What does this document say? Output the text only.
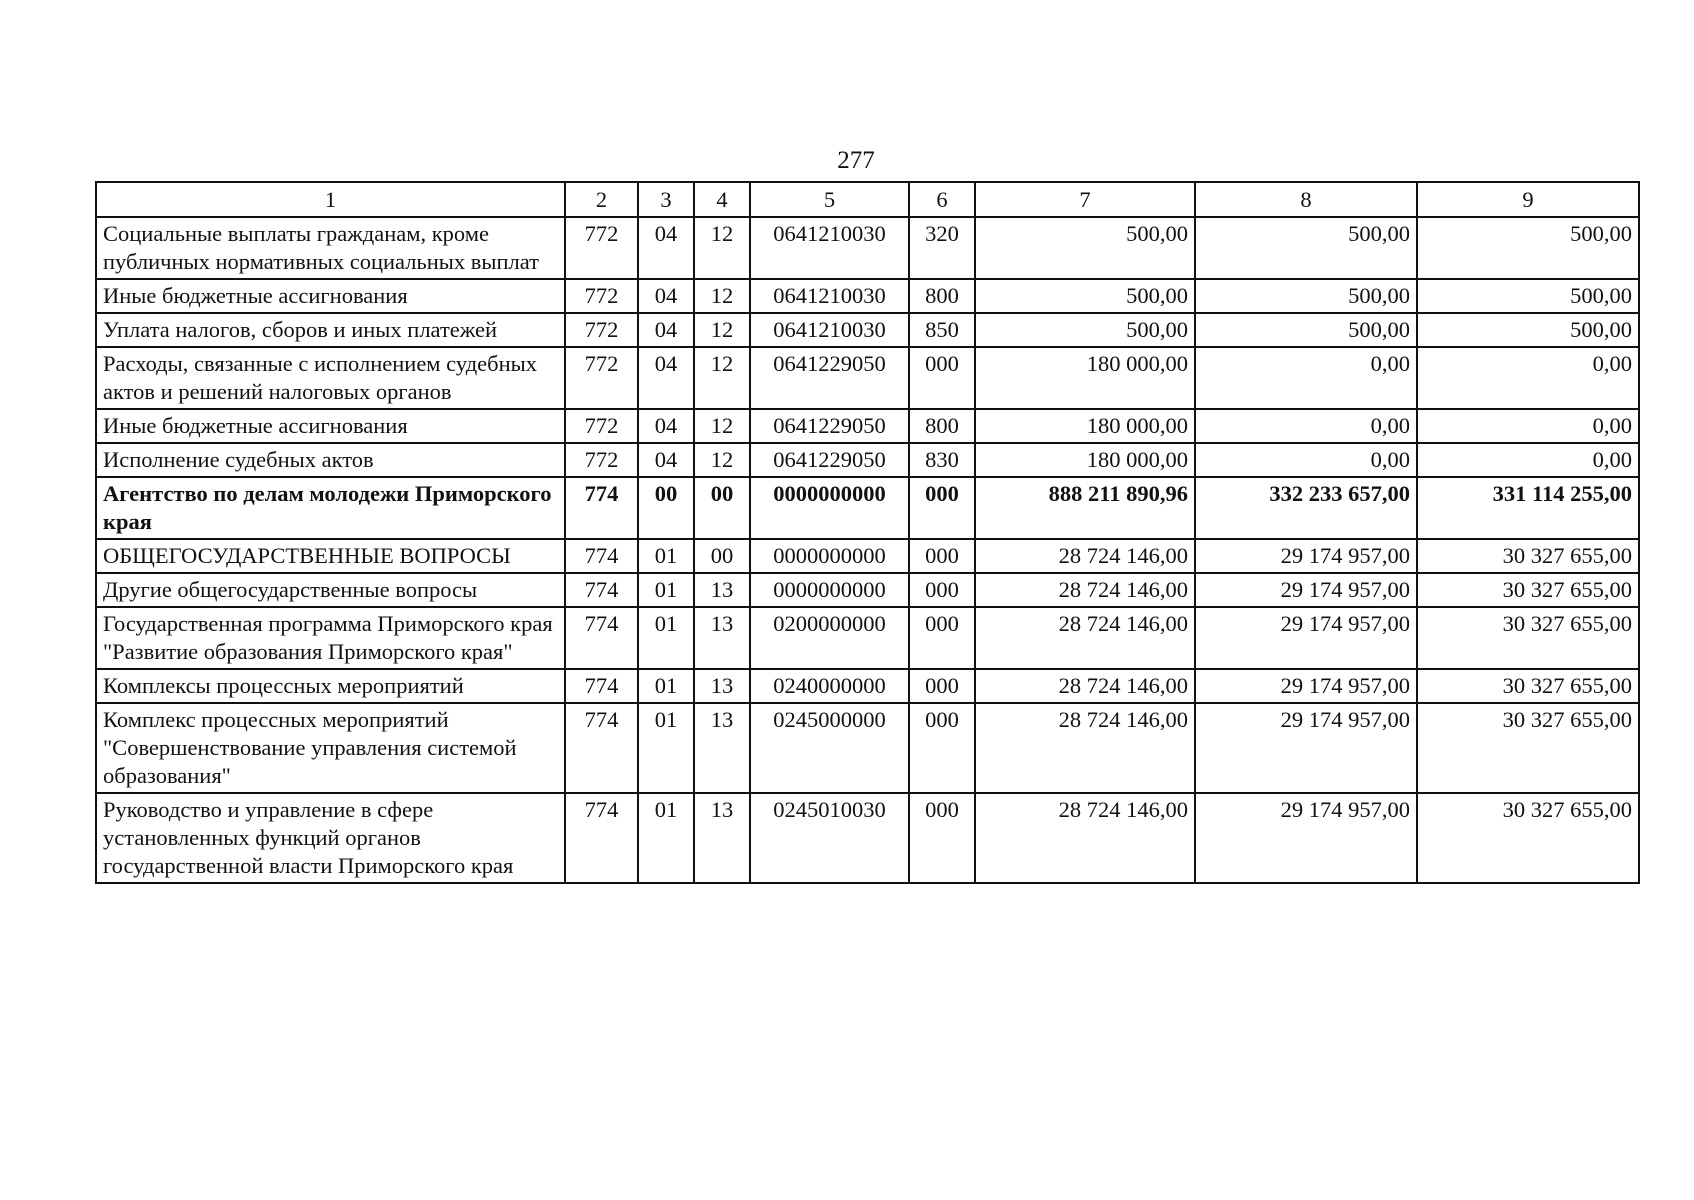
277
1	2	3	4	5	6	7	8	9
Социальные выплаты гражданам, кроме публичных нормативных социальных выплат	772	04	12	0641210030	320	500,00	500,00	500,00
Иные бюджетные ассигнования	772	04	12	0641210030	800	500,00	500,00	500,00
Уплата налогов, сборов и иных платежей	772	04	12	0641210030	850	500,00	500,00	500,00
Расходы, связанные с исполнением судебных актов и решений налоговых органов	772	04	12	0641229050	000	180 000,00	0,00	0,00
Иные бюджетные ассигнования	772	04	12	0641229050	800	180 000,00	0,00	0,00
Исполнение судебных актов	772	04	12	0641229050	830	180 000,00	0,00	0,00
Агентство по делам молодежи Приморского края	774	00	00	0000000000	000	888 211 890,96	332 233 657,00	331 114 255,00
ОБЩЕГОСУДАРСТВЕННЫЕ ВОПРОСЫ	774	01	00	0000000000	000	28 724 146,00	29 174 957,00	30 327 655,00
Другие общегосударственные вопросы	774	01	13	0000000000	000	28 724 146,00	29 174 957,00	30 327 655,00
Государственная программа Приморского края "Развитие образования Приморского края"	774	01	13	0200000000	000	28 724 146,00	29 174 957,00	30 327 655,00
Комплексы процессных мероприятий	774	01	13	0240000000	000	28 724 146,00	29 174 957,00	30 327 655,00
Комплекс процессных мероприятий "Совершенствование управления системой образования"	774	01	13	0245000000	000	28 724 146,00	29 174 957,00	30 327 655,00
Руководство и управление в сфере установленных функций органов государственной власти Приморского края	774	01	13	0245010030	000	28 724 146,00	29 174 957,00	30 327 655,00
